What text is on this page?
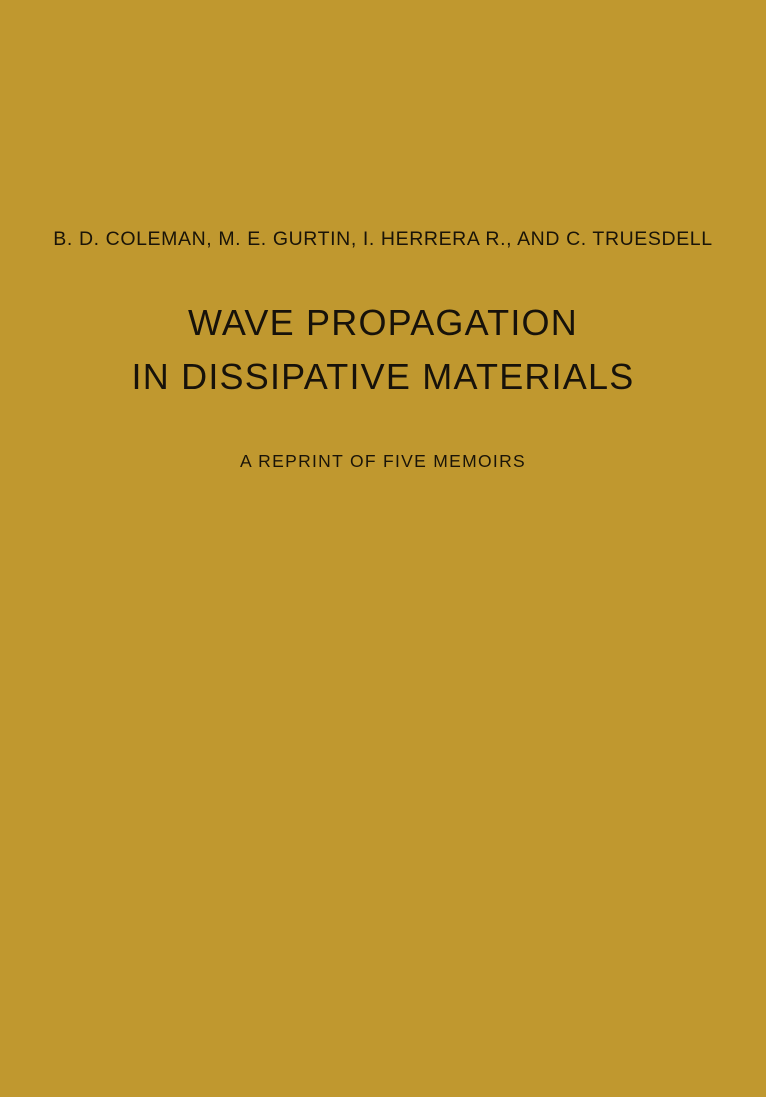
B. D. COLEMAN, M. E. GURTIN, I. HERRERA R., AND C. TRUESDELL
WAVE PROPAGATION
IN DISSIPATIVE MATERIALS
A REPRINT OF FIVE MEMOIRS
